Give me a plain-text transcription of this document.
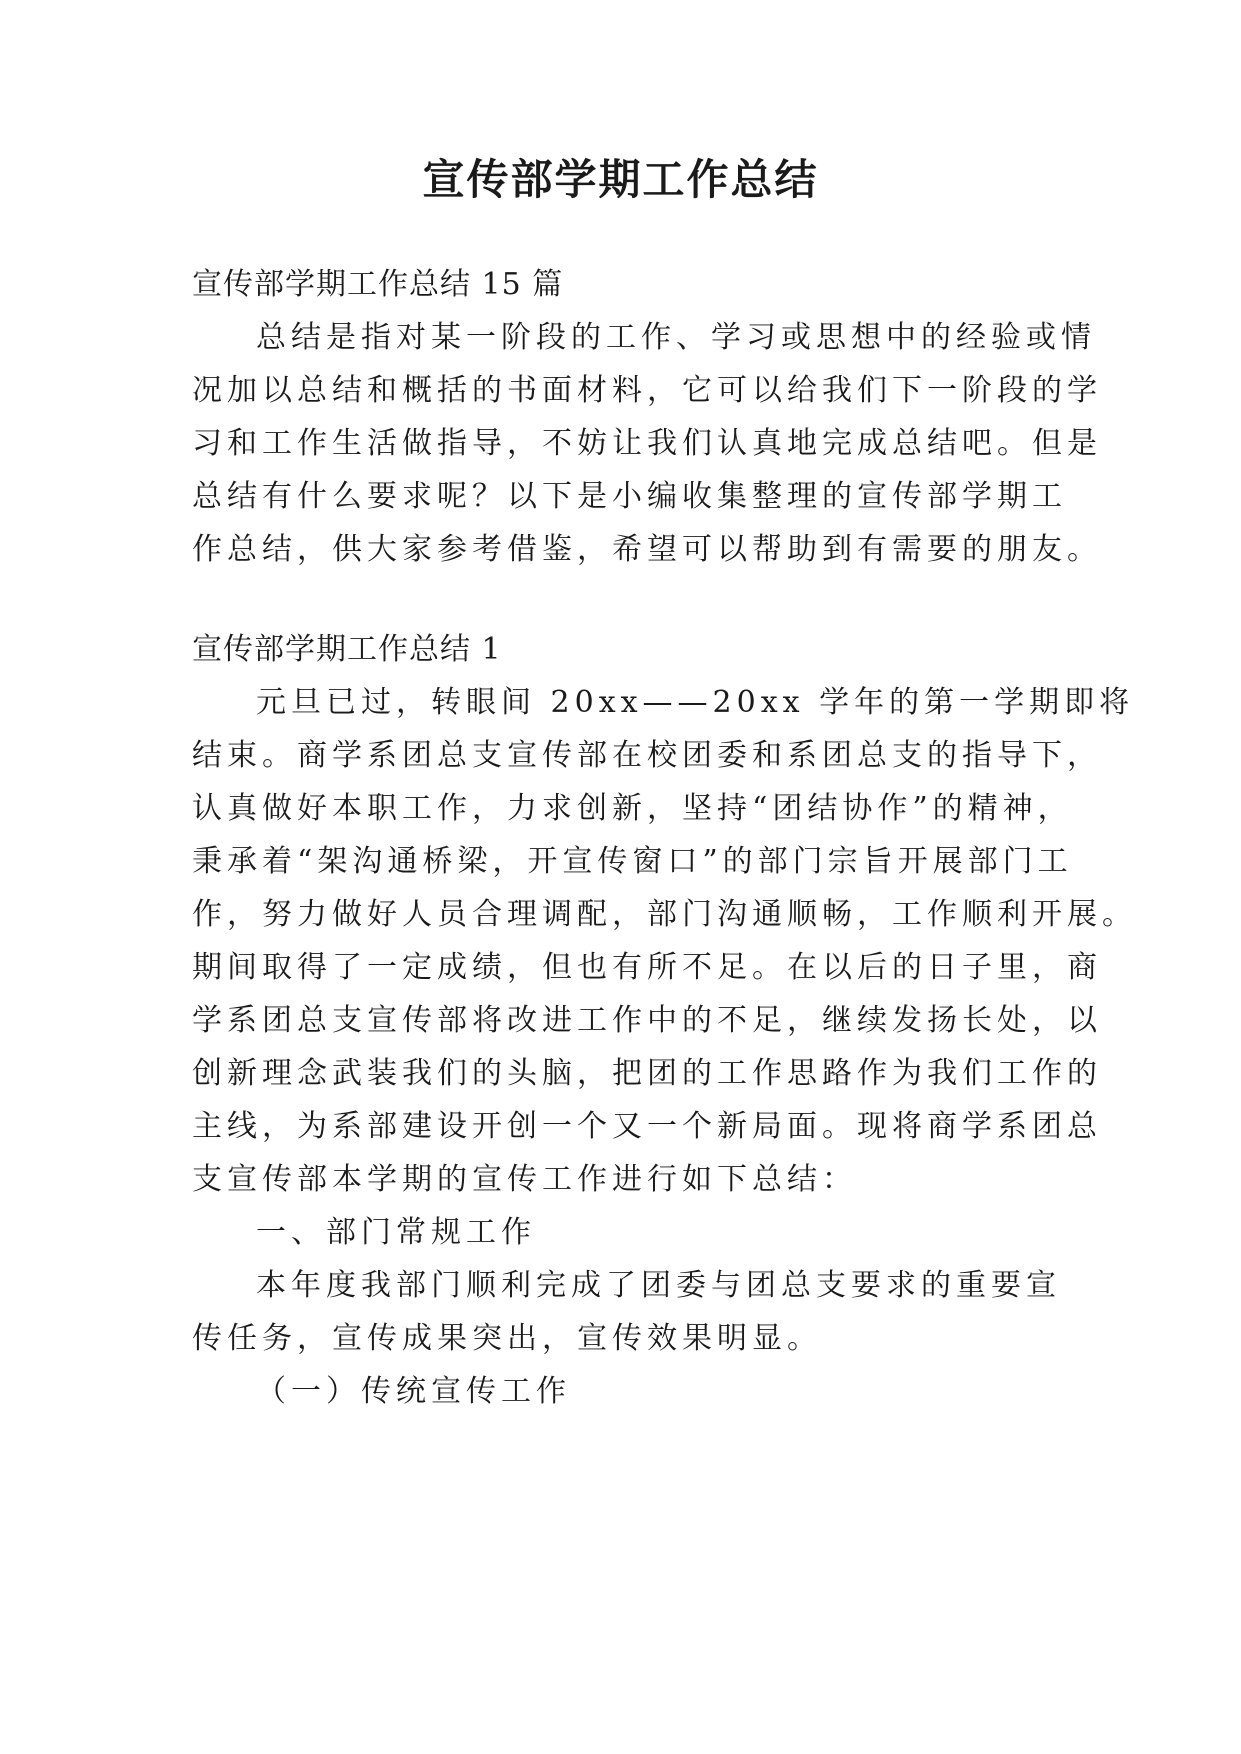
宣传部学期工作总结

宣传部学期工作总结 15 篇

总结是指对某一阶段的工作、学习或思想中的经验或情

况加以总结和概括的书面材料，它可以给我们下一阶段的学

习和工作生活做指导，不妨让我们认真地完成总结吧。但是

总结有什么要求呢？以下是小编收集整理的宣传部学期工

作总结，供大家参考借鉴，希望可以帮助到有需要的朋友。

宣传部学期工作总结 1

元旦已过，转眼间 20xx——20xx 学年的第一学期即将

结束。商学系团总支宣传部在校团委和系团总支的指导下，

认真做好本职工作，力求创新，坚持“团结协作”的精神，

秉承着“架沟通桥梁，开宣传窗口”的部门宗旨开展部门工

作，努力做好人员合理调配，部门沟通顺畅，工作顺利开展。

期间取得了一定成绩，但也有所不足。在以后的日子里，商

学系团总支宣传部将改进工作中的不足，继续发扬长处，以

创新理念武装我们的头脑，把团的工作思路作为我们工作的

主线，为系部建设开创一个又一个新局面。现将商学系团总

支宣传部本学期的宣传工作进行如下总结：

一、部门常规工作

本年度我部门顺利完成了团委与团总支要求的重要宣

传任务，宣传成果突出，宣传效果明显。

（一）传统宣传工作
